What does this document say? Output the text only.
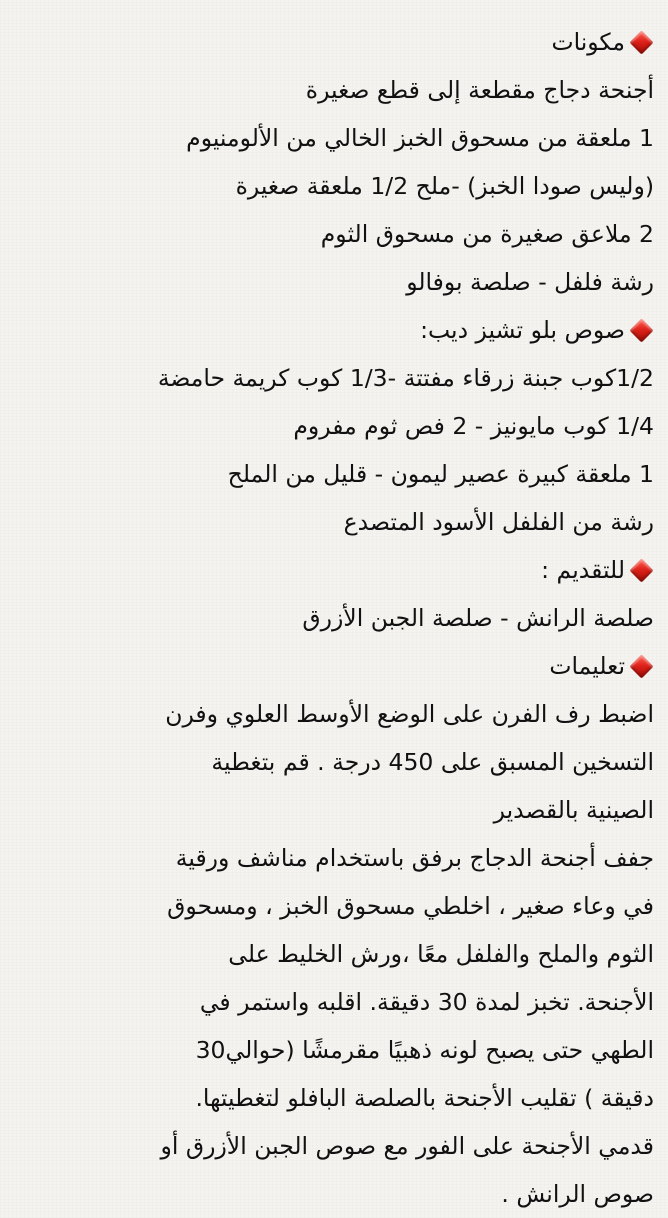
مكونات
أجنحة دجاج مقطعة إلى قطع صغيرة
1 ملعقة من مسحوق الخبز الخالي من الألومنيوم
(وليس صودا الخبز) -ملح 1/2 ملعقة صغيرة
2 ملاعق صغيرة من مسحوق الثوم
رشة فلفل - صلصة بوفالو
صوص بلو تشيز ديب:
1/2كوب جبنة زرقاء مفتتة -1/3 كوب كريمة حامضة
1/4 كوب مايونيز - 2 فص ثوم مفروم
1 ملعقة كبيرة عصير ليمون - قليل من الملح
رشة من الفلفل الأسود المتصدع
للتقديم :
صلصة الرانش - صلصة الجبن الأزرق
تعليمات
اضبط رف الفرن على الوضع الأوسط العلوي وفرن
التسخين المسبق على 450 درجة . قم بتغطية
الصينية بالقصدير
جفف أجنحة الدجاج برفق باستخدام مناشف ورقية
في وعاء صغير ، اخلطي مسحوق الخبز ، ومسحوق
الثوم والملح والفلفل معًا ،ورش الخليط على
الأجنحة. تخبز لمدة 30 دقيقة. اقلبه واستمر في
الطهي حتى يصبح لونه ذهبيًا مقرمشًا (حوالي30
دقيقة ) تقليب الأجنحة بالصلصة البافلو لتغطيتها.
قدمي الأجنحة على الفور مع صوص الجبن الأزرق أو
صوص الرانش .
